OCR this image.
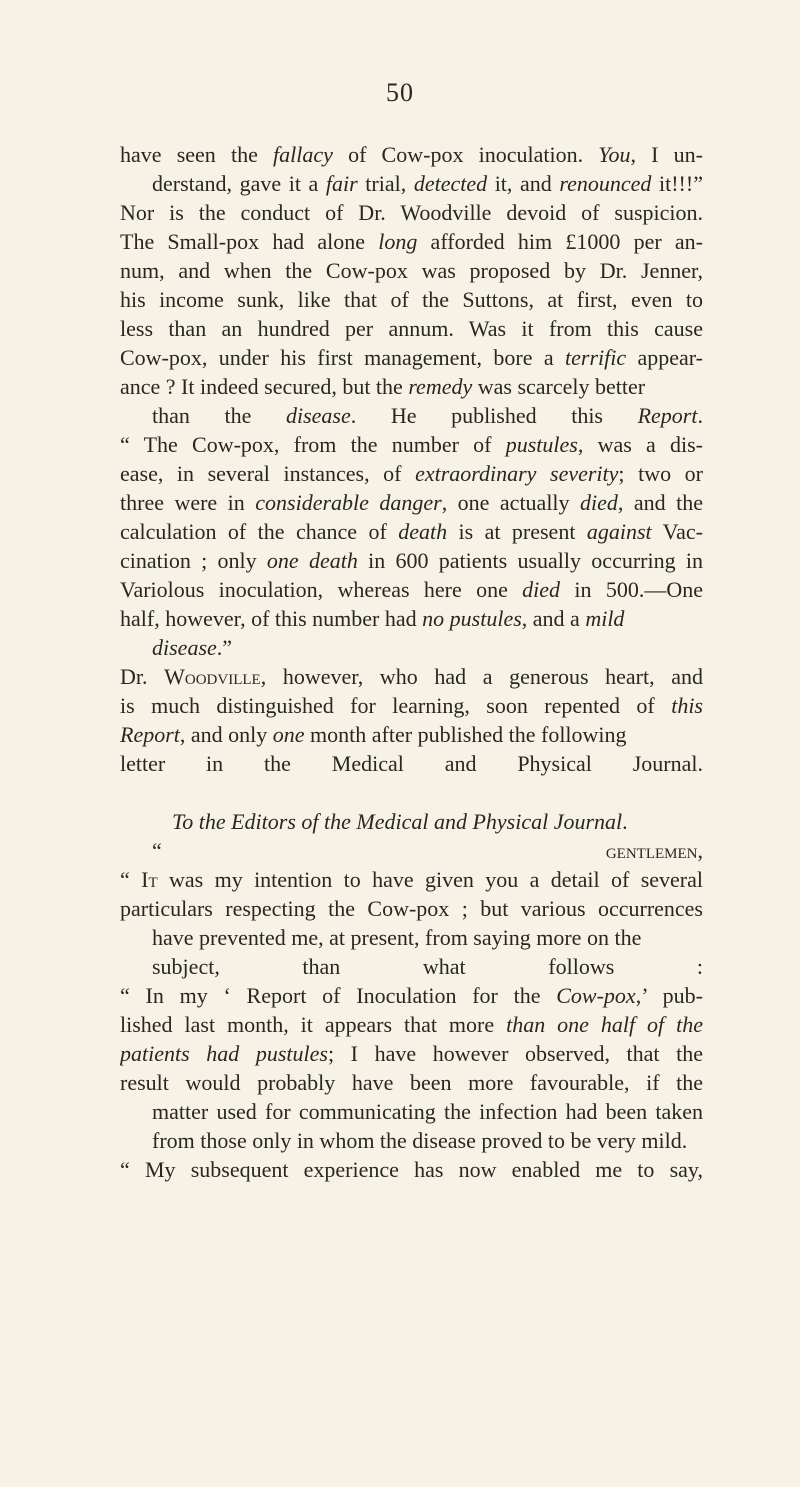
50
have seen the fallacy of Cow-pox inoculation. You, I un-
derstand, gave it a fair trial, detected it, and renounced it!!!”
Nor is the conduct of Dr. Woodville devoid of suspicion.
The Small-pox had alone long afforded him £1000 per an-
num, and when the Cow-pox was proposed by Dr. Jenner,
his income sunk, like that of the Suttons, at first, even to
less than an hundred per annum. Was it from this cause
Cow-pox, under his first management, bore a terrific appear-
ance ? It indeed secured, but the remedy was scarcely better
than the disease. He published this Report.
“ The Cow-pox, from the number of pustules, was a dis-
ease, in several instances, of extraordinary severity; two or
three were in considerable danger, one actually died, and the
calculation of the chance of death is at present against Vac-
cination ; only one death in 600 patients usually occurring in
Variolous inoculation, whereas here one died in 500.—One
half, however, of this number had no pustules, and a mild
disease.”
Dr. Woodville, however, who had a generous heart, and
is much distinguished for learning, soon repented of this
Report, and only one month after published the following
letter in the Medical and Physical Journal.
To the Editors of the Medical and Physical Journal.
“ gentlemen,
“ It was my intention to have given you a detail of several
particulars respecting the Cow-pox ; but various occurrences
have prevented me, at present, from saying more on the
subject, than what follows :
“ In my ‘ Report of Inoculation for the Cow-pox,’ pub-
lished last month, it appears that more than one half of the
patients had pustules; I have however observed, that the
result would probably have been more favourable, if the
matter used for communicating the infection had been taken
from those only in whom the disease proved to be very mild.
“ My subsequent experience has now enabled me to say,
